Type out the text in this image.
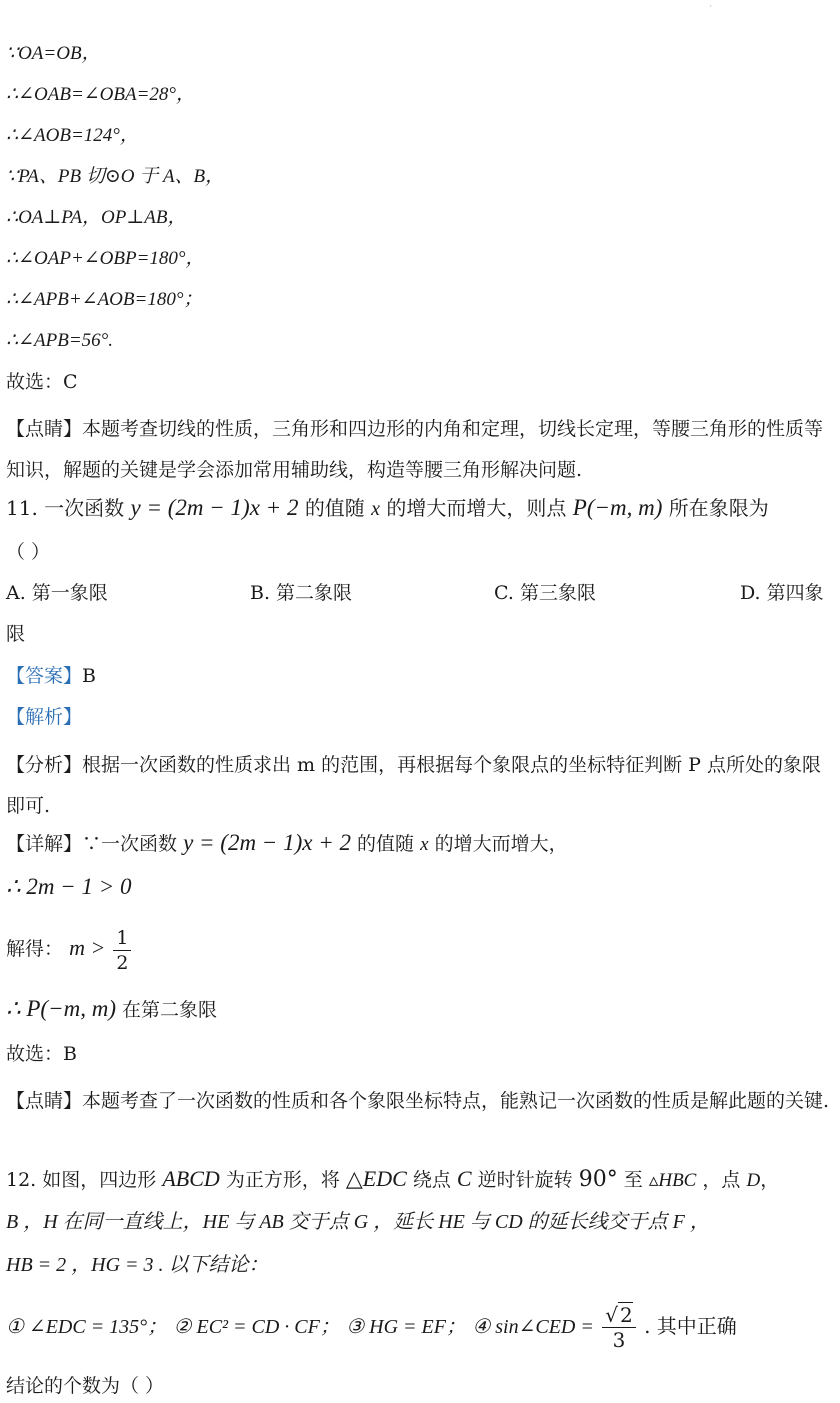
·
∵OA=OB，
∴∠OAB=∠OBA=28°，
∴∠AOB=124°，
∵PA、PB 切⊙O 于 A、B，
∴OA⊥PA，OP⊥AB，
∴∠OAP+∠OBP=180°，
∴∠APB+∠AOB=180°；
∴∠APB=56°.
故选：C
【点睛】本题考查切线的性质，三角形和四边形的内角和定理，切线长定理，等腰三角形的性质等知识，解题的关键是学会添加常用辅助线，构造等腰三角形解决问题.
11. 一次函数 y = (2m − 1)x + 2 的值随 x 的增大而增大，则点 P(−m, m) 所在象限为
（ ）
A. 第一象限	B. 第二象限	C. 第三象限	D. 第四象
限
【答案】B
【解析】
【分析】根据一次函数的性质求出 m 的范围，再根据每个象限点的坐标特征判断 P 点所处的象限即可.
【详解】∵一次函数 y = (2m − 1)x + 2 的值随 x 的增大而增大，
∴ 2m − 1 > 0
解得： $m > \frac{1}{2}$
∴ P(−m, m) 在第二象限
故选：B
【点睛】本题考查了一次函数的性质和各个象限坐标特点，能熟记一次函数的性质是解此题的关键.
12. 如图，四边形 ABCD 为正方形，将 △EDC 绕点 C 逆时针旋转 90° 至 ▵HBC ，点 D，
B ，H 在同一直线上，HE 与 AB 交于点 G ，延长 HE 与 CD 的延长线交于点 F ，
HB = 2 ，HG = 3 . 以下结论：
① ∠EDC = 135°； ② EC² = CD · CF； ③ HG = EF； ④ sin∠CED = $\frac{√ 2}{3}$ . 其中正确
结论的个数为（ ）
